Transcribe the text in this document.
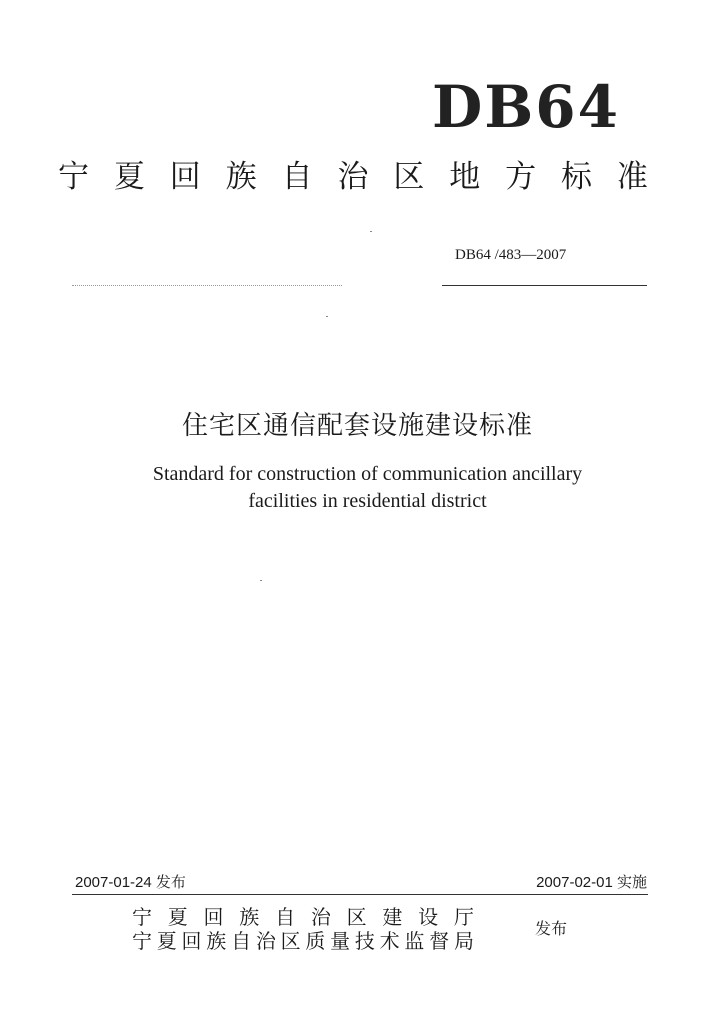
DB64
宁 夏 回 族 自 治 区 地 方 标 准
DB64 /483—2007
住宅区通信配套设施建设标准
Standard for construction of communication ancillary
facilities in residential district
2007-01-24 发布	2007-02-01 实施
宁 夏 回 族 自 治 区 建 设 厅
宁 夏 回 族 自 治 区 质 量 技 术 监 督 局
发布
